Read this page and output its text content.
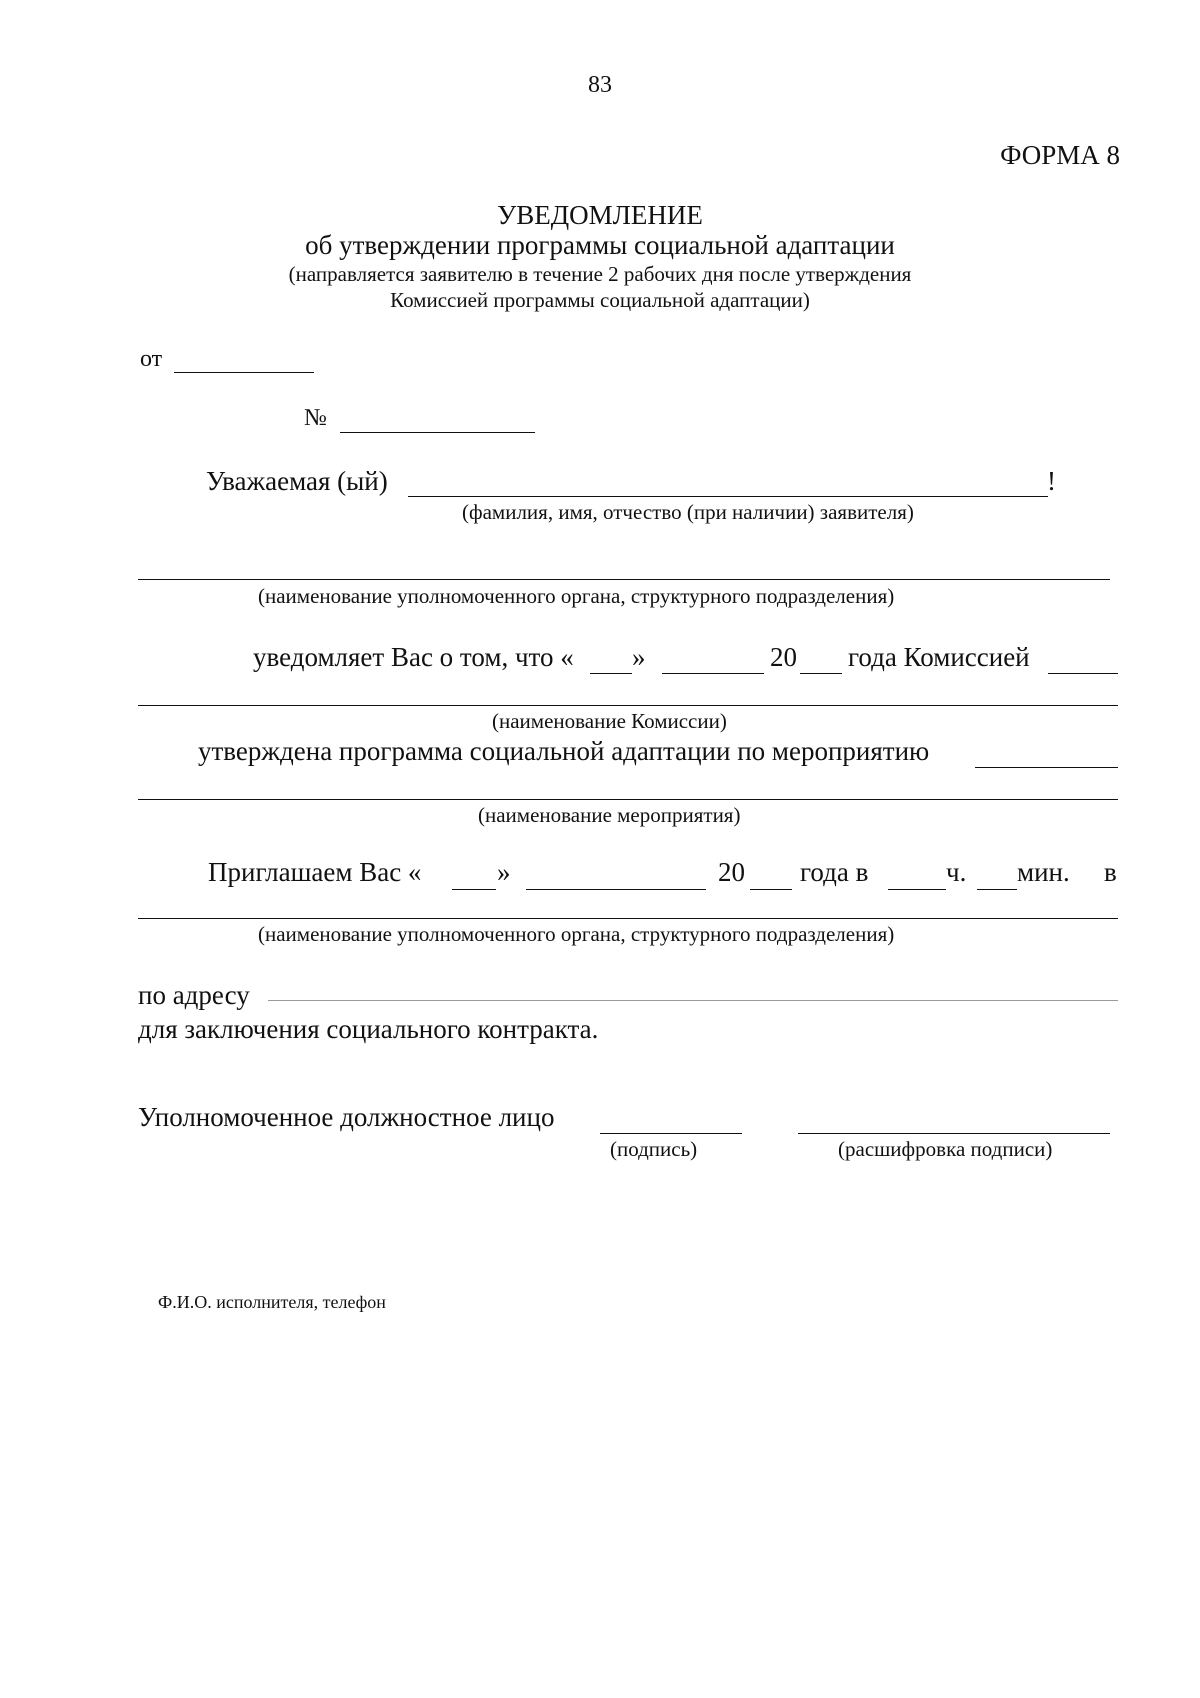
83
ФОРМА 8
УВЕДОМЛЕНИЕ
об утверждении программы социальной адаптации
(направляется заявителю в течение 2 рабочих дня после утверждения
Комиссией программы социальной адаптации)
от
№
Уважаемая (ый)	!
(фамилия, имя, отчество (при наличии) заявителя)
(наименование уполномоченного органа, структурного подразделения)
уведомляет Вас о том, что « »	20 года Комиссией
(наименование Комиссии)
утверждена программа социальной адаптации по мероприятию
(наименование мероприятия)
Приглашаем Вас «	»	20 года в	ч. мин. в
(наименование уполномоченного органа, структурного подразделения)
по адресу
для заключения социального контракта.
Уполномоченное должностное лицо
(подпись)	(расшифровка подписи)
Ф.И.О. исполнителя, телефон
